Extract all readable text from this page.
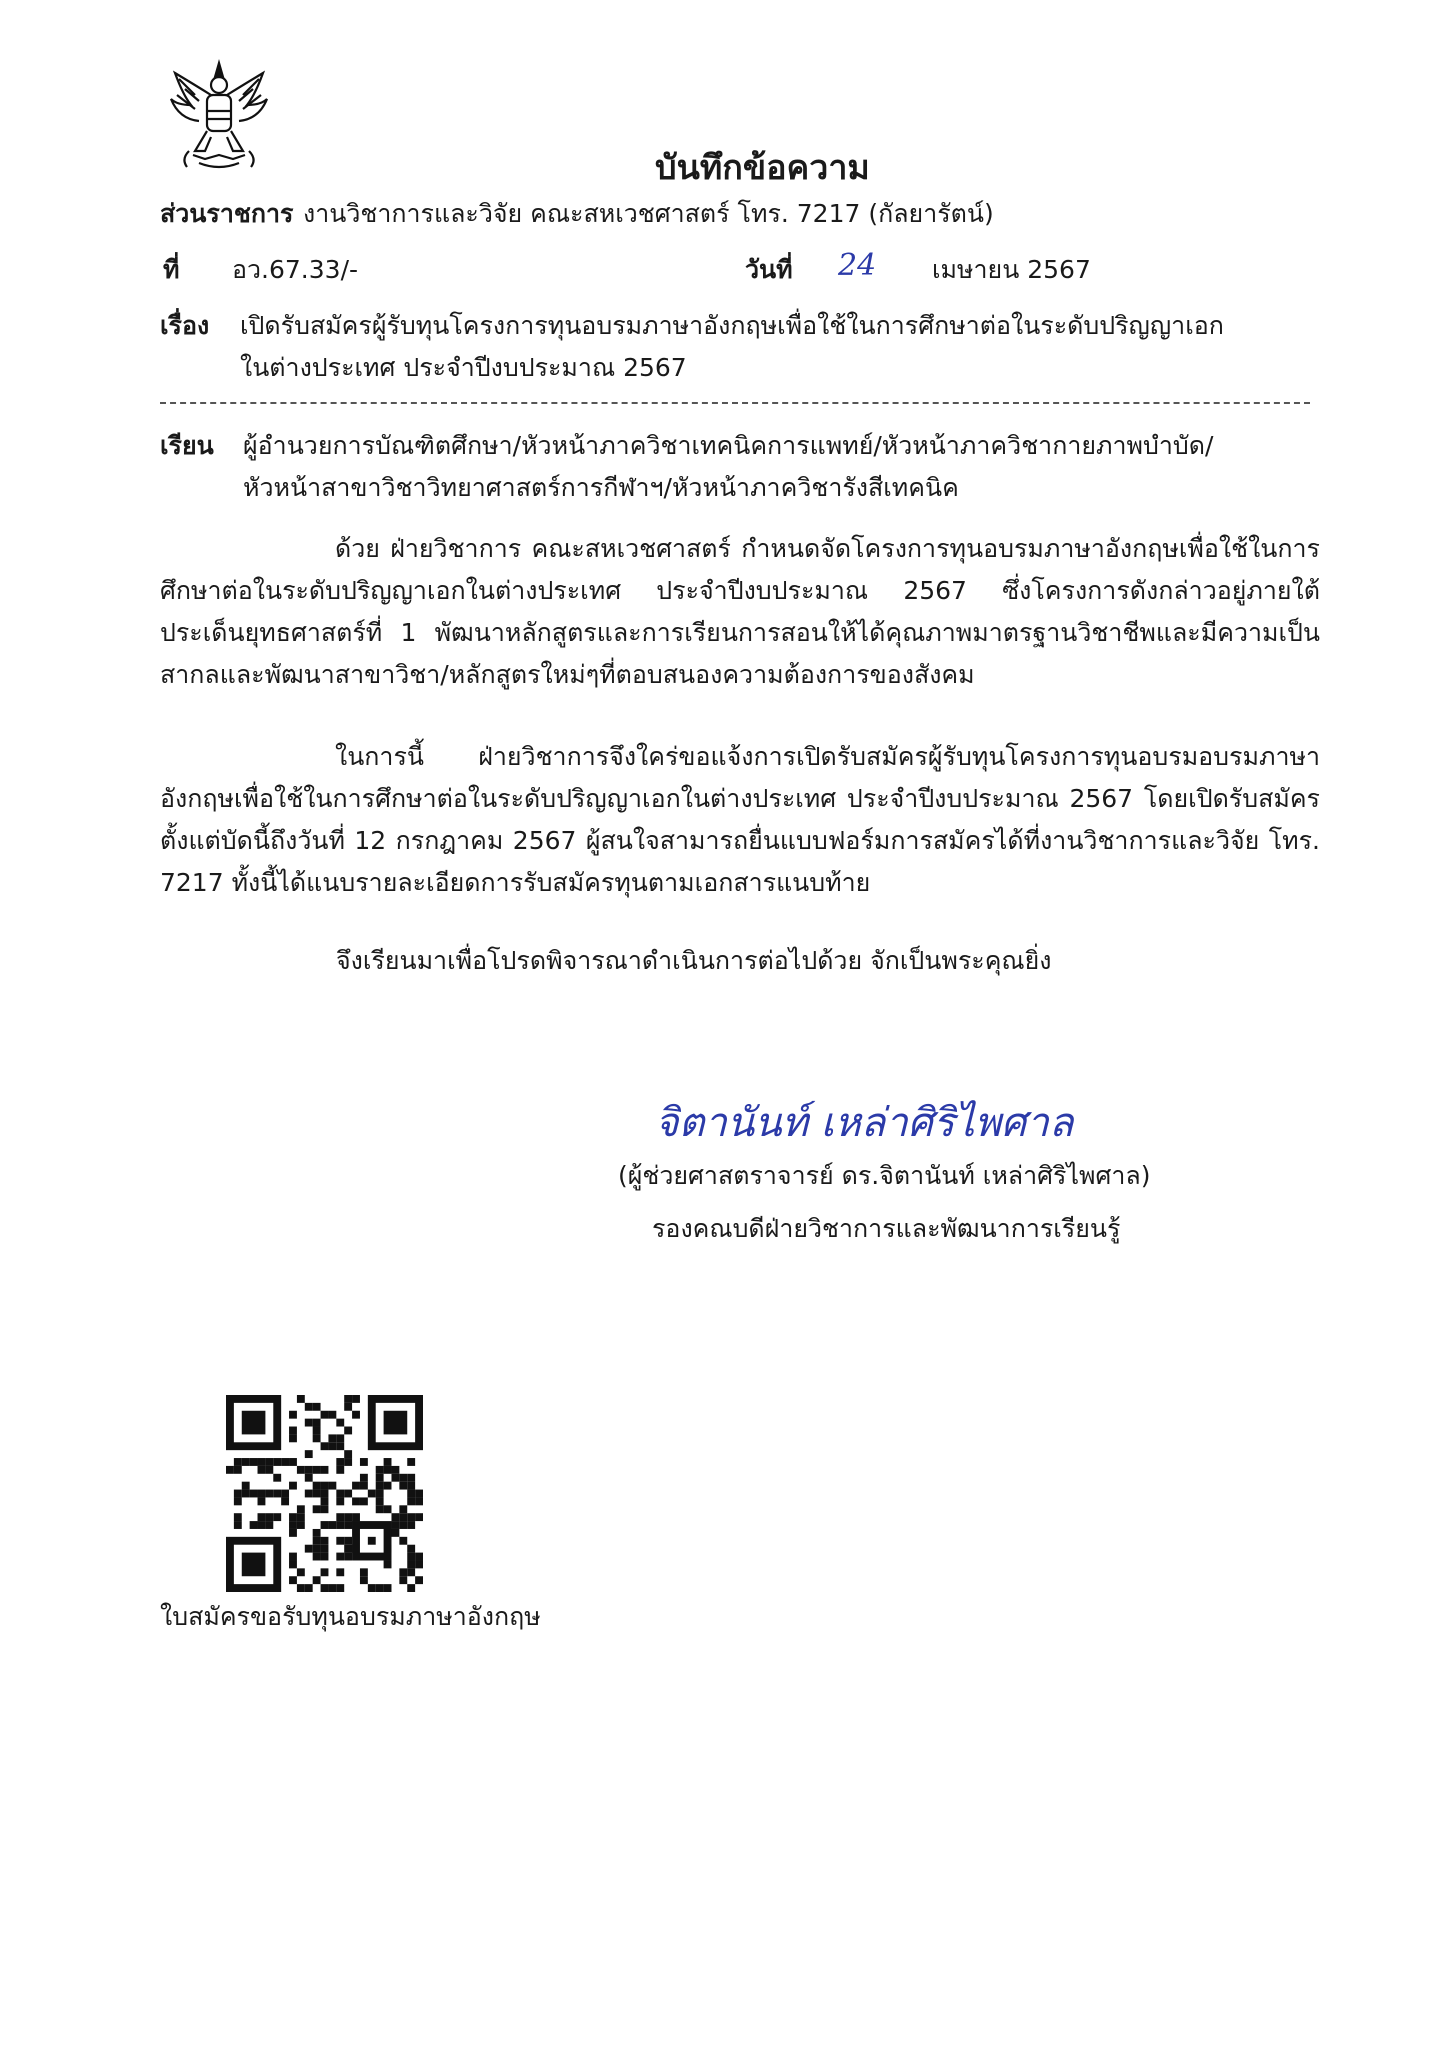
บันทึกข้อความ
ส่วนราชการ งานวิชาการและวิจัย คณะสหเวชศาสตร์ โทร. 7217 (กัลยารัตน์)
ที่ อว.67.33/-	วันที่ 24 เมษายน 2567
เรื่อง เปิดรับสมัครผู้รับทุนโครงการทุนอบรมภาษาอังกฤษเพื่อใช้ในการศึกษาต่อในระดับปริญญาเอก
ในต่างประเทศ ประจำปีงบประมาณ 2567
เรียน ผู้อำนวยการบัณฑิตศึกษา/หัวหน้าภาควิชาเทคนิคการแพทย์/หัวหน้าภาควิชากายภาพบำบัด/
หัวหน้าสาขาวิชาวิทยาศาสตร์การกีฬาฯ/หัวหน้าภาควิชารังสีเทคนิค
ด้วย ฝ่ายวิชาการ คณะสหเวชศาสตร์ กำหนดจัดโครงการทุนอบรมภาษาอังกฤษเพื่อใช้ในการศึกษาต่อในระดับปริญญาเอกในต่างประเทศ ประจำปีงบประมาณ 2567 ซึ่งโครงการดังกล่าวอยู่ภายใต้ประเด็นยุทธศาสตร์ที่ 1 พัฒนาหลักสูตรและการเรียนการสอนให้ได้คุณภาพมาตรฐานวิชาชีพและมีความเป็นสากลและพัฒนาสาขาวิชา/หลักสูตรใหม่ๆที่ตอบสนองความต้องการของสังคม
ในการนี้ ฝ่ายวิชาการจึงใคร่ขอแจ้งการเปิดรับสมัครผู้รับทุนโครงการทุนอบรมอบรมภาษาอังกฤษเพื่อใช้ในการศึกษาต่อในระดับปริญญาเอกในต่างประเทศ ประจำปีงบประมาณ 2567 โดยเปิดรับสมัครตั้งแต่บัดนี้ถึงวันที่ 12 กรกฎาคม 2567 ผู้สนใจสามารถยื่นแบบฟอร์มการสมัครได้ที่งานวิชาการและวิจัย โทร. 7217 ทั้งนี้ได้แนบรายละเอียดการรับสมัครทุนตามเอกสารแนบท้าย
จึงเรียนมาเพื่อโปรดพิจารณาดำเนินการต่อไปด้วย จักเป็นพระคุณยิ่ง
จิตานันท์ เหล่าศิริไพศาล
(ผู้ช่วยศาสตราจารย์ ดร.จิตานันท์ เหล่าศิริไพศาล)
รองคณบดีฝ่ายวิชาการและพัฒนาการเรียนรู้
ใบสมัครขอรับทุนอบรมภาษาอังกฤษ
